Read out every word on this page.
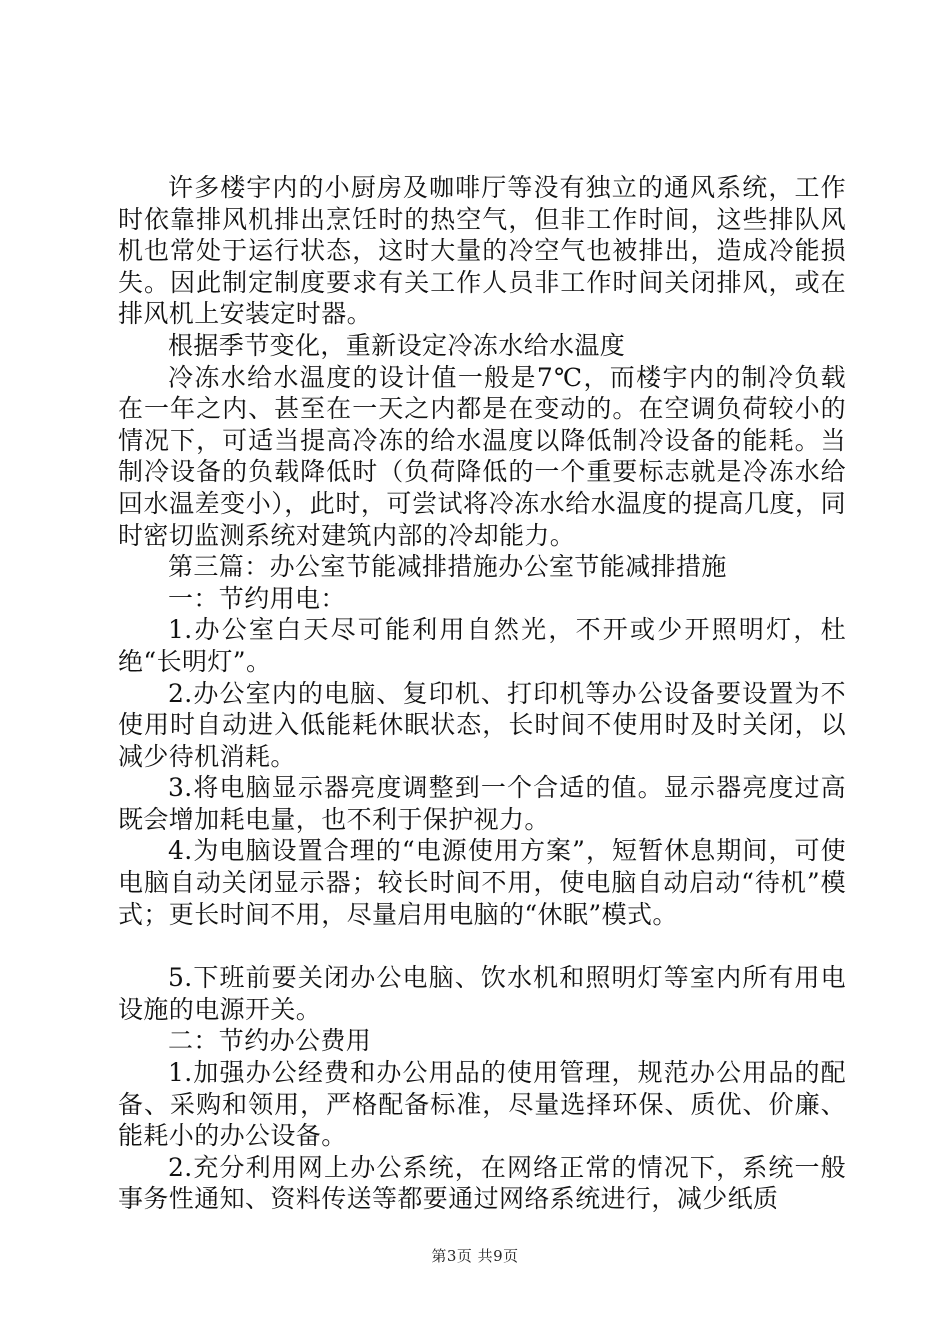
许多楼宇内的小厨房及咖啡厅等没有独立的通风系统，工作时依靠排风机排出烹饪时的热空气，但非工作时间，这些排队风机也常处于运行状态，这时大量的冷空气也被排出，造成冷能损失。因此制定制度要求有关工作人员非工作时间关闭排风，或在排风机上安装定时器。

根据季节变化，重新设定冷冻水给水温度

冷冻水给水温度的设计值一般是7℃，而楼宇内的制冷负载在一年之内、甚至在一天之内都是在变动的。在空调负荷较小的情况下，可适当提高冷冻的给水温度以降低制冷设备的能耗。当制冷设备的负载降低时（负荷降低的一个重要标志就是冷冻水给回水温差变小），此时，可尝试将冷冻水给水温度的提高几度，同时密切监测系统对建筑内部的冷却能力。

第三篇：办公室节能减排措施办公室节能减排措施

一：节约用电：

1.办公室白天尽可能利用自然光，不开或少开照明灯，杜绝“长明灯”。

2.办公室内的电脑、复印机、打印机等办公设备要设置为不使用时自动进入低能耗休眠状态，长时间不使用时及时关闭，以减少待机消耗。

3.将电脑显示器亮度调整到一个合适的值。显示器亮度过高既会增加耗电量，也不利于保护视力。

4.为电脑设置合理的“电源使用方案”，短暂休息期间，可使电脑自动关闭显示器；较长时间不用，使电脑自动启动“待机”模式；更长时间不用，尽量启用电脑的“休眠”模式。

5.下班前要关闭办公电脑、饮水机和照明灯等室内所有用电设施的电源开关。

二：节约办公费用

1.加强办公经费和办公用品的使用管理，规范办公用品的配备、采购和领用，严格配备标准，尽量选择环保、质优、价廉、能耗小的办公设备。

2.充分利用网上办公系统，在网络正常的情况下，系统一般事务性通知、资料传送等都要通过网络系统进行，减少纸质

第3页 共9页
